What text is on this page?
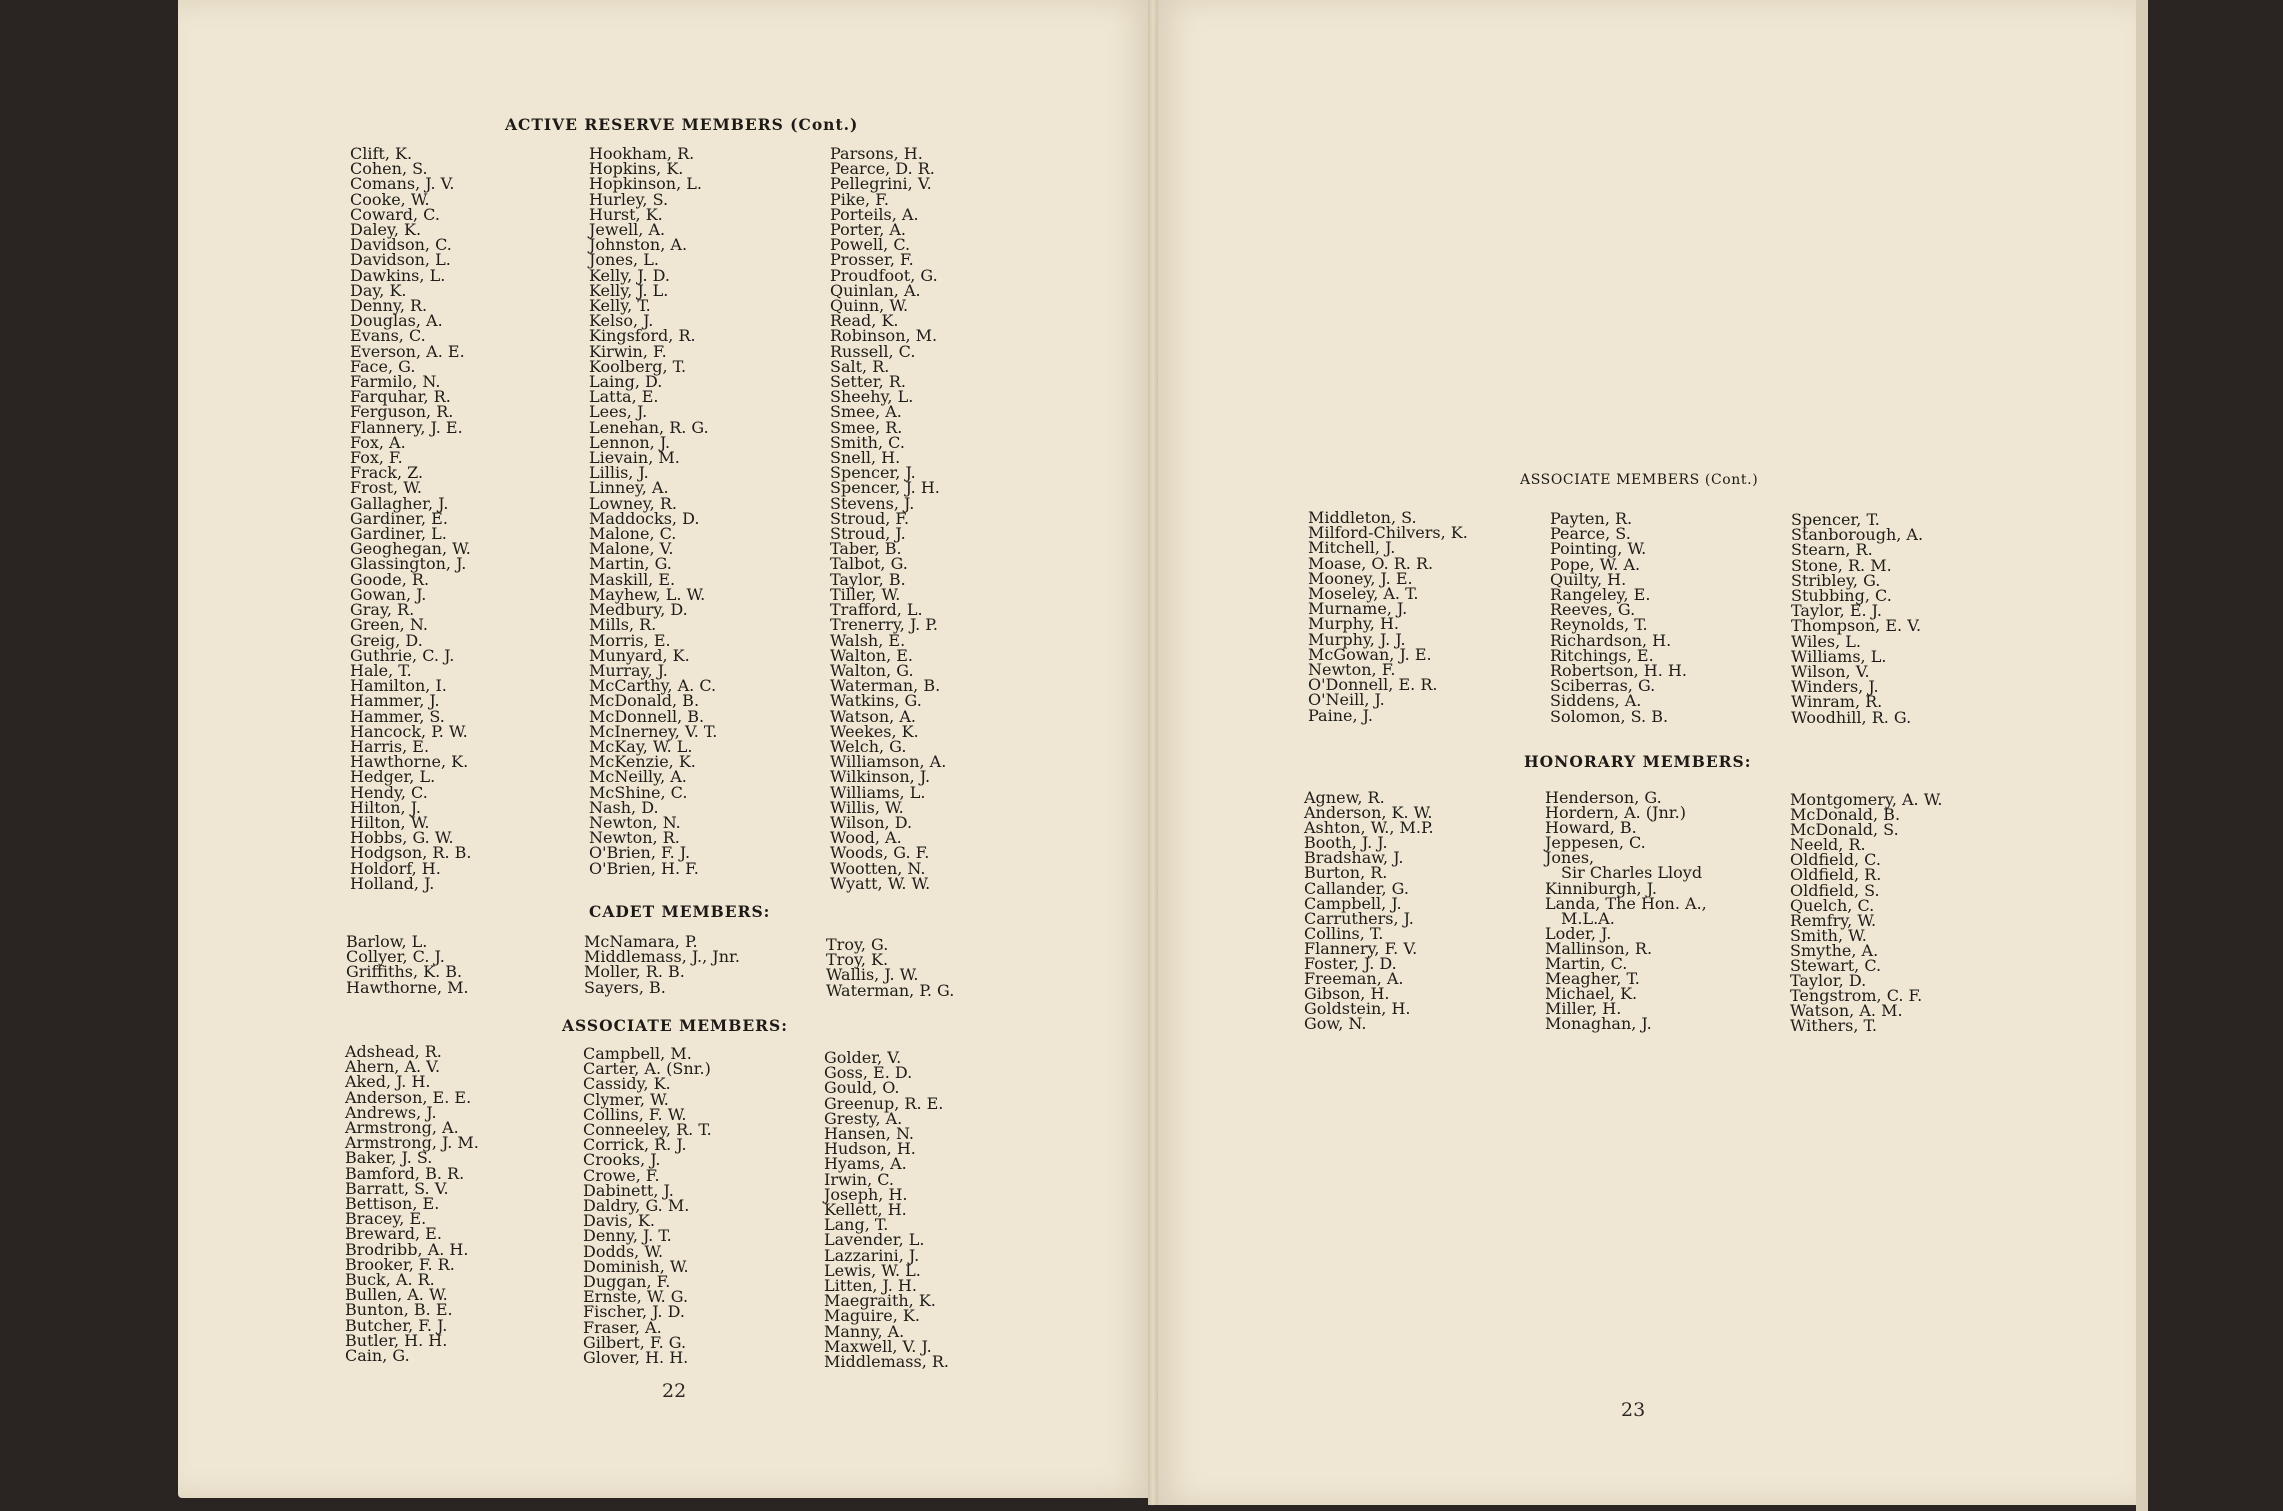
ACTIVE RESERVE MEMBERS (Cont.)
Clift, K.
Cohen, S.
Comans, J. V.
Cooke, W.
Coward, C.
Daley, K.
Davidson, C.
Davidson, L.
Dawkins, L.
Day, K.
Denny, R.
Douglas, A.
Evans, C.
Everson, A. E.
Face, G.
Farmilo, N.
Farquhar, R.
Ferguson, R.
Flannery, J. E.
Fox, A.
Fox, F.
Frack, Z.
Frost, W.
Gallagher, J.
Gardiner, E.
Gardiner, L.
Geoghegan, W.
Glassington, J.
Goode, R.
Gowan, J.
Gray, R.
Green, N.
Greig, D.
Guthrie, C. J.
Hale, T.
Hamilton, I.
Hammer, J.
Hammer, S.
Hancock, P. W.
Harris, E.
Hawthorne, K.
Hedger, L.
Hendy, C.
Hilton, J.
Hilton, W.
Hobbs, G. W.
Hodgson, R. B.
Holdorf, H.
Holland, J.
Hookham, R.
Hopkins, K.
Hopkinson, L.
Hurley, S.
Hurst, K.
Jewell, A.
Johnston, A.
Jones, L.
Kelly, J. D.
Kelly, J. L.
Kelly, T.
Kelso, J.
Kingsford, R.
Kirwin, F.
Koolberg, T.
Laing, D.
Latta, E.
Lees, J.
Lenehan, R. G.
Lennon, J.
Lievain, M.
Lillis, J.
Linney, A.
Lowney, R.
Maddocks, D.
Malone, C.
Malone, V.
Martin, G.
Maskill, E.
Mayhew, L. W.
Medbury, D.
Mills, R.
Morris, E.
Munyard, K.
Murray, J.
McCarthy, A. C.
McDonald, B.
McDonnell, B.
McInerney, V. T.
McKay, W. L.
McKenzie, K.
McNeilly, A.
McShine, C.
Nash, D.
Newton, N.
Newton, R.
O'Brien, F. J.
O'Brien, H. F.
Parsons, H.
Pearce, D. R.
Pellegrini, V.
Pike, F.
Porteils, A.
Porter, A.
Powell, C.
Prosser, F.
Proudfoot, G.
Quinlan, A.
Quinn, W.
Read, K.
Robinson, M.
Russell, C.
Salt, R.
Setter, R.
Sheehy, L.
Smee, A.
Smee, R.
Smith, C.
Snell, H.
Spencer, J.
Spencer, J. H.
Stevens, J.
Stroud, F.
Stroud, J.
Taber, B.
Talbot, G.
Taylor, B.
Tiller, W.
Trafford, L.
Trenerry, J. P.
Walsh, E.
Walton, E.
Walton, G.
Waterman, B.
Watkins, G.
Watson, A.
Weekes, K.
Welch, G.
Williamson, A.
Wilkinson, J.
Williams, L.
Willis, W.
Wilson, D.
Wood, A.
Woods, G. F.
Wootten, N.
Wyatt, W. W.
CADET MEMBERS:
Barlow, L.
Collyer, C. J.
Griffiths, K. B.
Hawthorne, M.
McNamara, P.
Middlemass, J., Jnr.
Moller, R. B.
Sayers, B.
Troy, G.
Troy, K.
Wallis, J. W.
Waterman, P. G.
ASSOCIATE MEMBERS:
Adshead, R.
Ahern, A. V.
Aked, J. H.
Anderson, E. E.
Andrews, J.
Armstrong, A.
Armstrong, J. M.
Baker, J. S.
Bamford, B. R.
Barratt, S. V.
Bettison, E.
Bracey, E.
Breward, E.
Brodribb, A. H.
Brooker, F. R.
Buck, A. R.
Bullen, A. W.
Bunton, B. E.
Butcher, F. J.
Butler, H. H.
Cain, G.
Campbell, M.
Carter, A. (Snr.)
Cassidy, K.
Clymer, W.
Collins, F. W.
Conneeley, R. T.
Corrick, R. J.
Crooks, J.
Crowe, F.
Dabinett, J.
Daldry, G. M.
Davis, K.
Denny, J. T.
Dodds, W.
Dominish, W.
Duggan, F.
Ernste, W. G.
Fischer, J. D.
Fraser, A.
Gilbert, F. G.
Glover, H. H.
Golder, V.
Goss, E. D.
Gould, O.
Greenup, R. E.
Gresty, A.
Hansen, N.
Hudson, H.
Hyams, A.
Irwin, C.
Joseph, H.
Kellett, H.
Lang, T.
Lavender, L.
Lazzarini, J.
Lewis, W. L.
Litten, J. H.
Maegraith, K.
Maguire, K.
Manny, A.
Maxwell, V. J.
Middlemass, R.
22
ASSOCIATE MEMBERS (Cont.)
Middleton, S.
Milford-Chilvers, K.
Mitchell, J.
Moase, O. R. R.
Mooney, J. E.
Moseley, A. T.
Murname, J.
Murphy, H.
Murphy, J. J.
McGowan, J. E.
Newton, F.
O'Donnell, E. R.
O'Neill, J.
Paine, J.
Payten, R.
Pearce, S.
Pointing, W.
Pope, W. A.
Quilty, H.
Rangeley, E.
Reeves, G.
Reynolds, T.
Richardson, H.
Ritchings, E.
Robertson, H. H.
Sciberras, G.
Siddens, A.
Solomon, S. B.
Spencer, T.
Stanborough, A.
Stearn, R.
Stone, R. M.
Stribley, G.
Stubbing, C.
Taylor, E. J.
Thompson, E. V.
Wiles, L.
Williams, L.
Wilson, V.
Winders, J.
Winram, R.
Woodhill, R. G.
HONORARY MEMBERS:
Agnew, R.
Anderson, K. W.
Ashton, W., M.P.
Booth, J. J.
Bradshaw, J.
Burton, R.
Callander, G.
Campbell, J.
Carruthers, J.
Collins, T.
Flannery, F. V.
Foster, J. D.
Freeman, A.
Gibson, H.
Goldstein, H.
Gow, N.
Henderson, G.
Hordern, A. (Jnr.)
Howard, B.
Jeppesen, C.
Jones,
Sir Charles Lloyd
Kinniburgh, J.
Landa, The Hon. A.,
M.L.A.
Loder, J.
Mallinson, R.
Martin, C.
Meagher, T.
Michael, K.
Miller, H.
Monaghan, J.
Montgomery, A. W.
McDonald, B.
McDonald, S.
Neeld, R.
Oldfield, C.
Oldfield, R.
Oldfield, S.
Quelch, C.
Remfry, W.
Smith, W.
Smythe, A.
Stewart, C.
Taylor, D.
Tengstrom, C. F.
Watson, A. M.
Withers, T.
23
